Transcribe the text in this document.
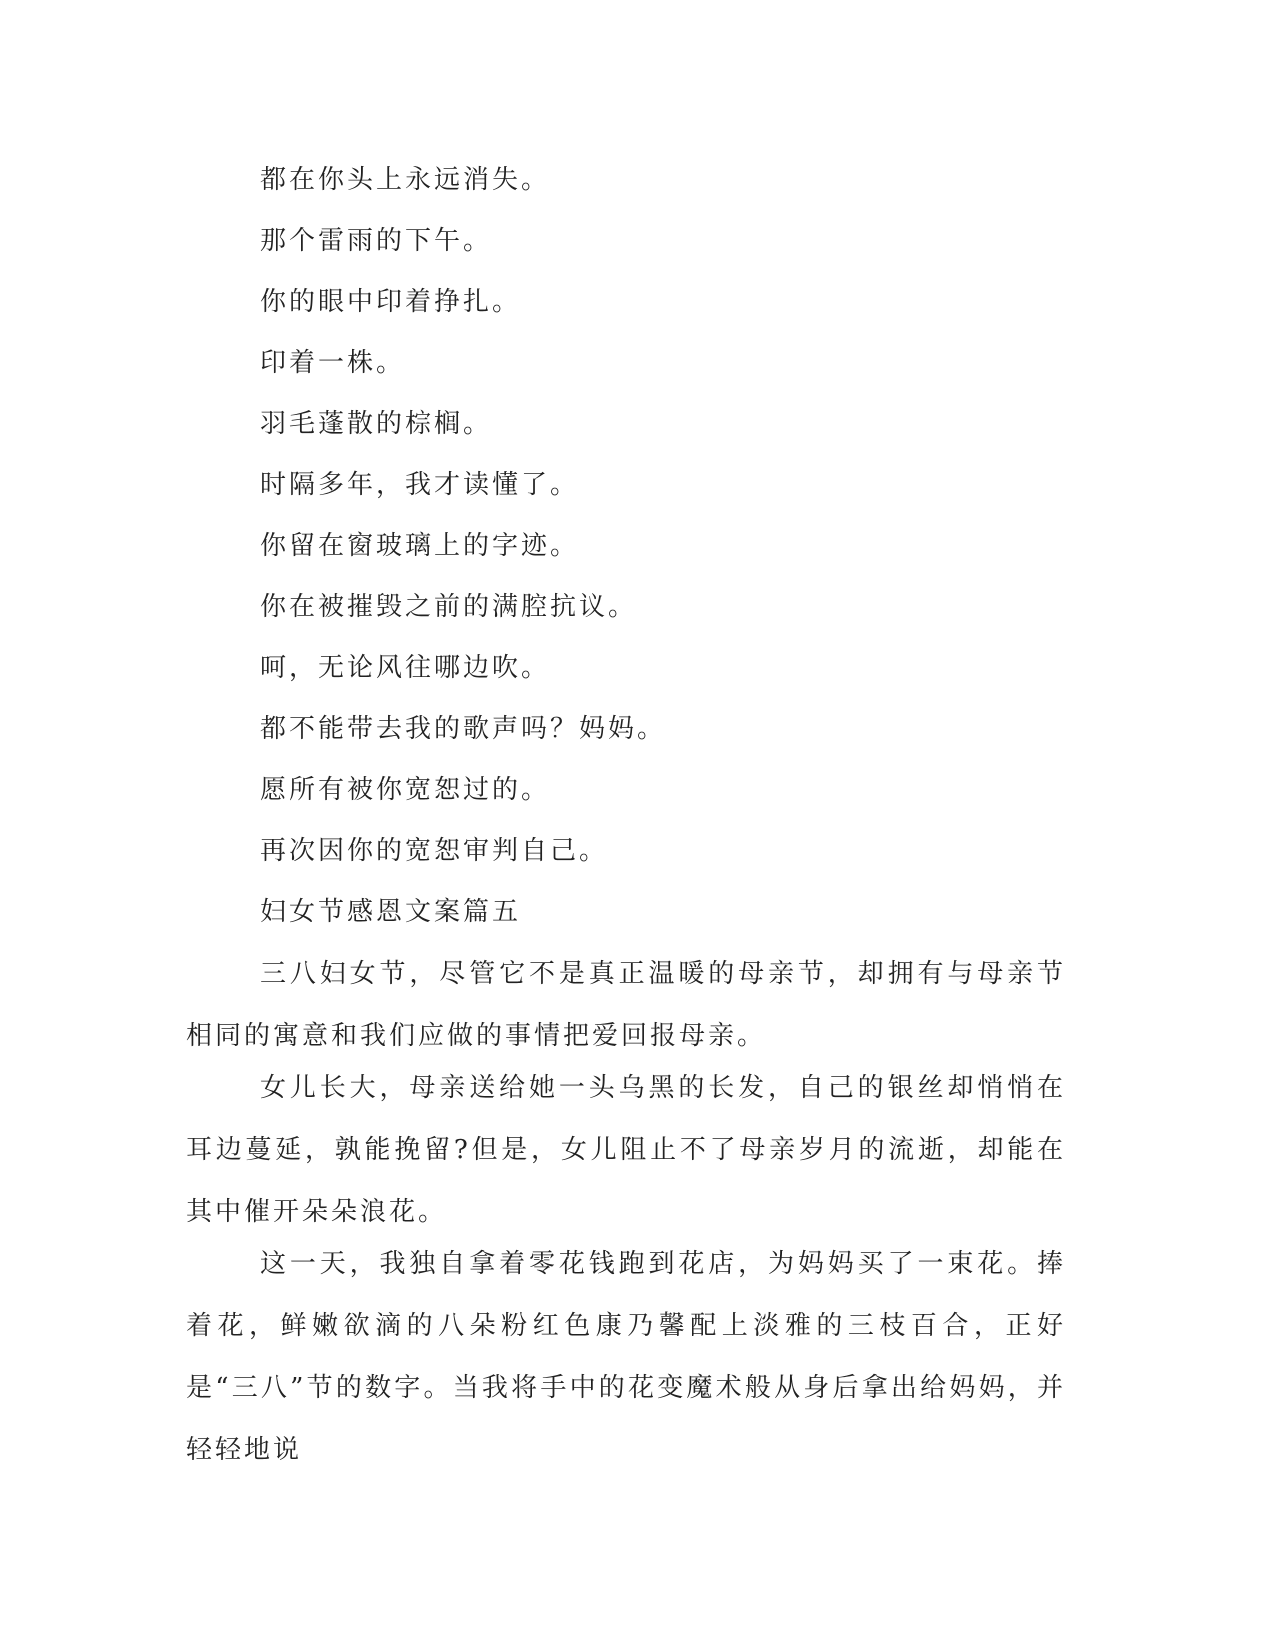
都在你头上永远消失。
那个雷雨的下午。
你的眼中印着挣扎。
印着一株。
羽毛蓬散的棕榈。
时隔多年，我才读懂了。
你留在窗玻璃上的字迹。
你在被摧毁之前的满腔抗议。
呵，无论风往哪边吹。
都不能带去我的歌声吗？妈妈。
愿所有被你宽恕过的。
再次因你的宽恕审判自己。
妇女节感恩文案篇五

三八妇女节，尽管它不是真正温暖的母亲节，却拥有与母亲节相同的寓意和我们应做的事情把爱回报母亲。

女儿长大，母亲送给她一头乌黑的长发，自己的银丝却悄悄在耳边蔓延，孰能挽留?但是，女儿阻止不了母亲岁月的流逝，却能在其中催开朵朵浪花。

这一天，我独自拿着零花钱跑到花店，为妈妈买了一束花。捧着花，鲜嫩欲滴的八朵粉红色康乃馨配上淡雅的三枝百合，正好是“三八”节的数字。当我将手中的花变魔术般从身后拿出给妈妈，并轻轻地说
